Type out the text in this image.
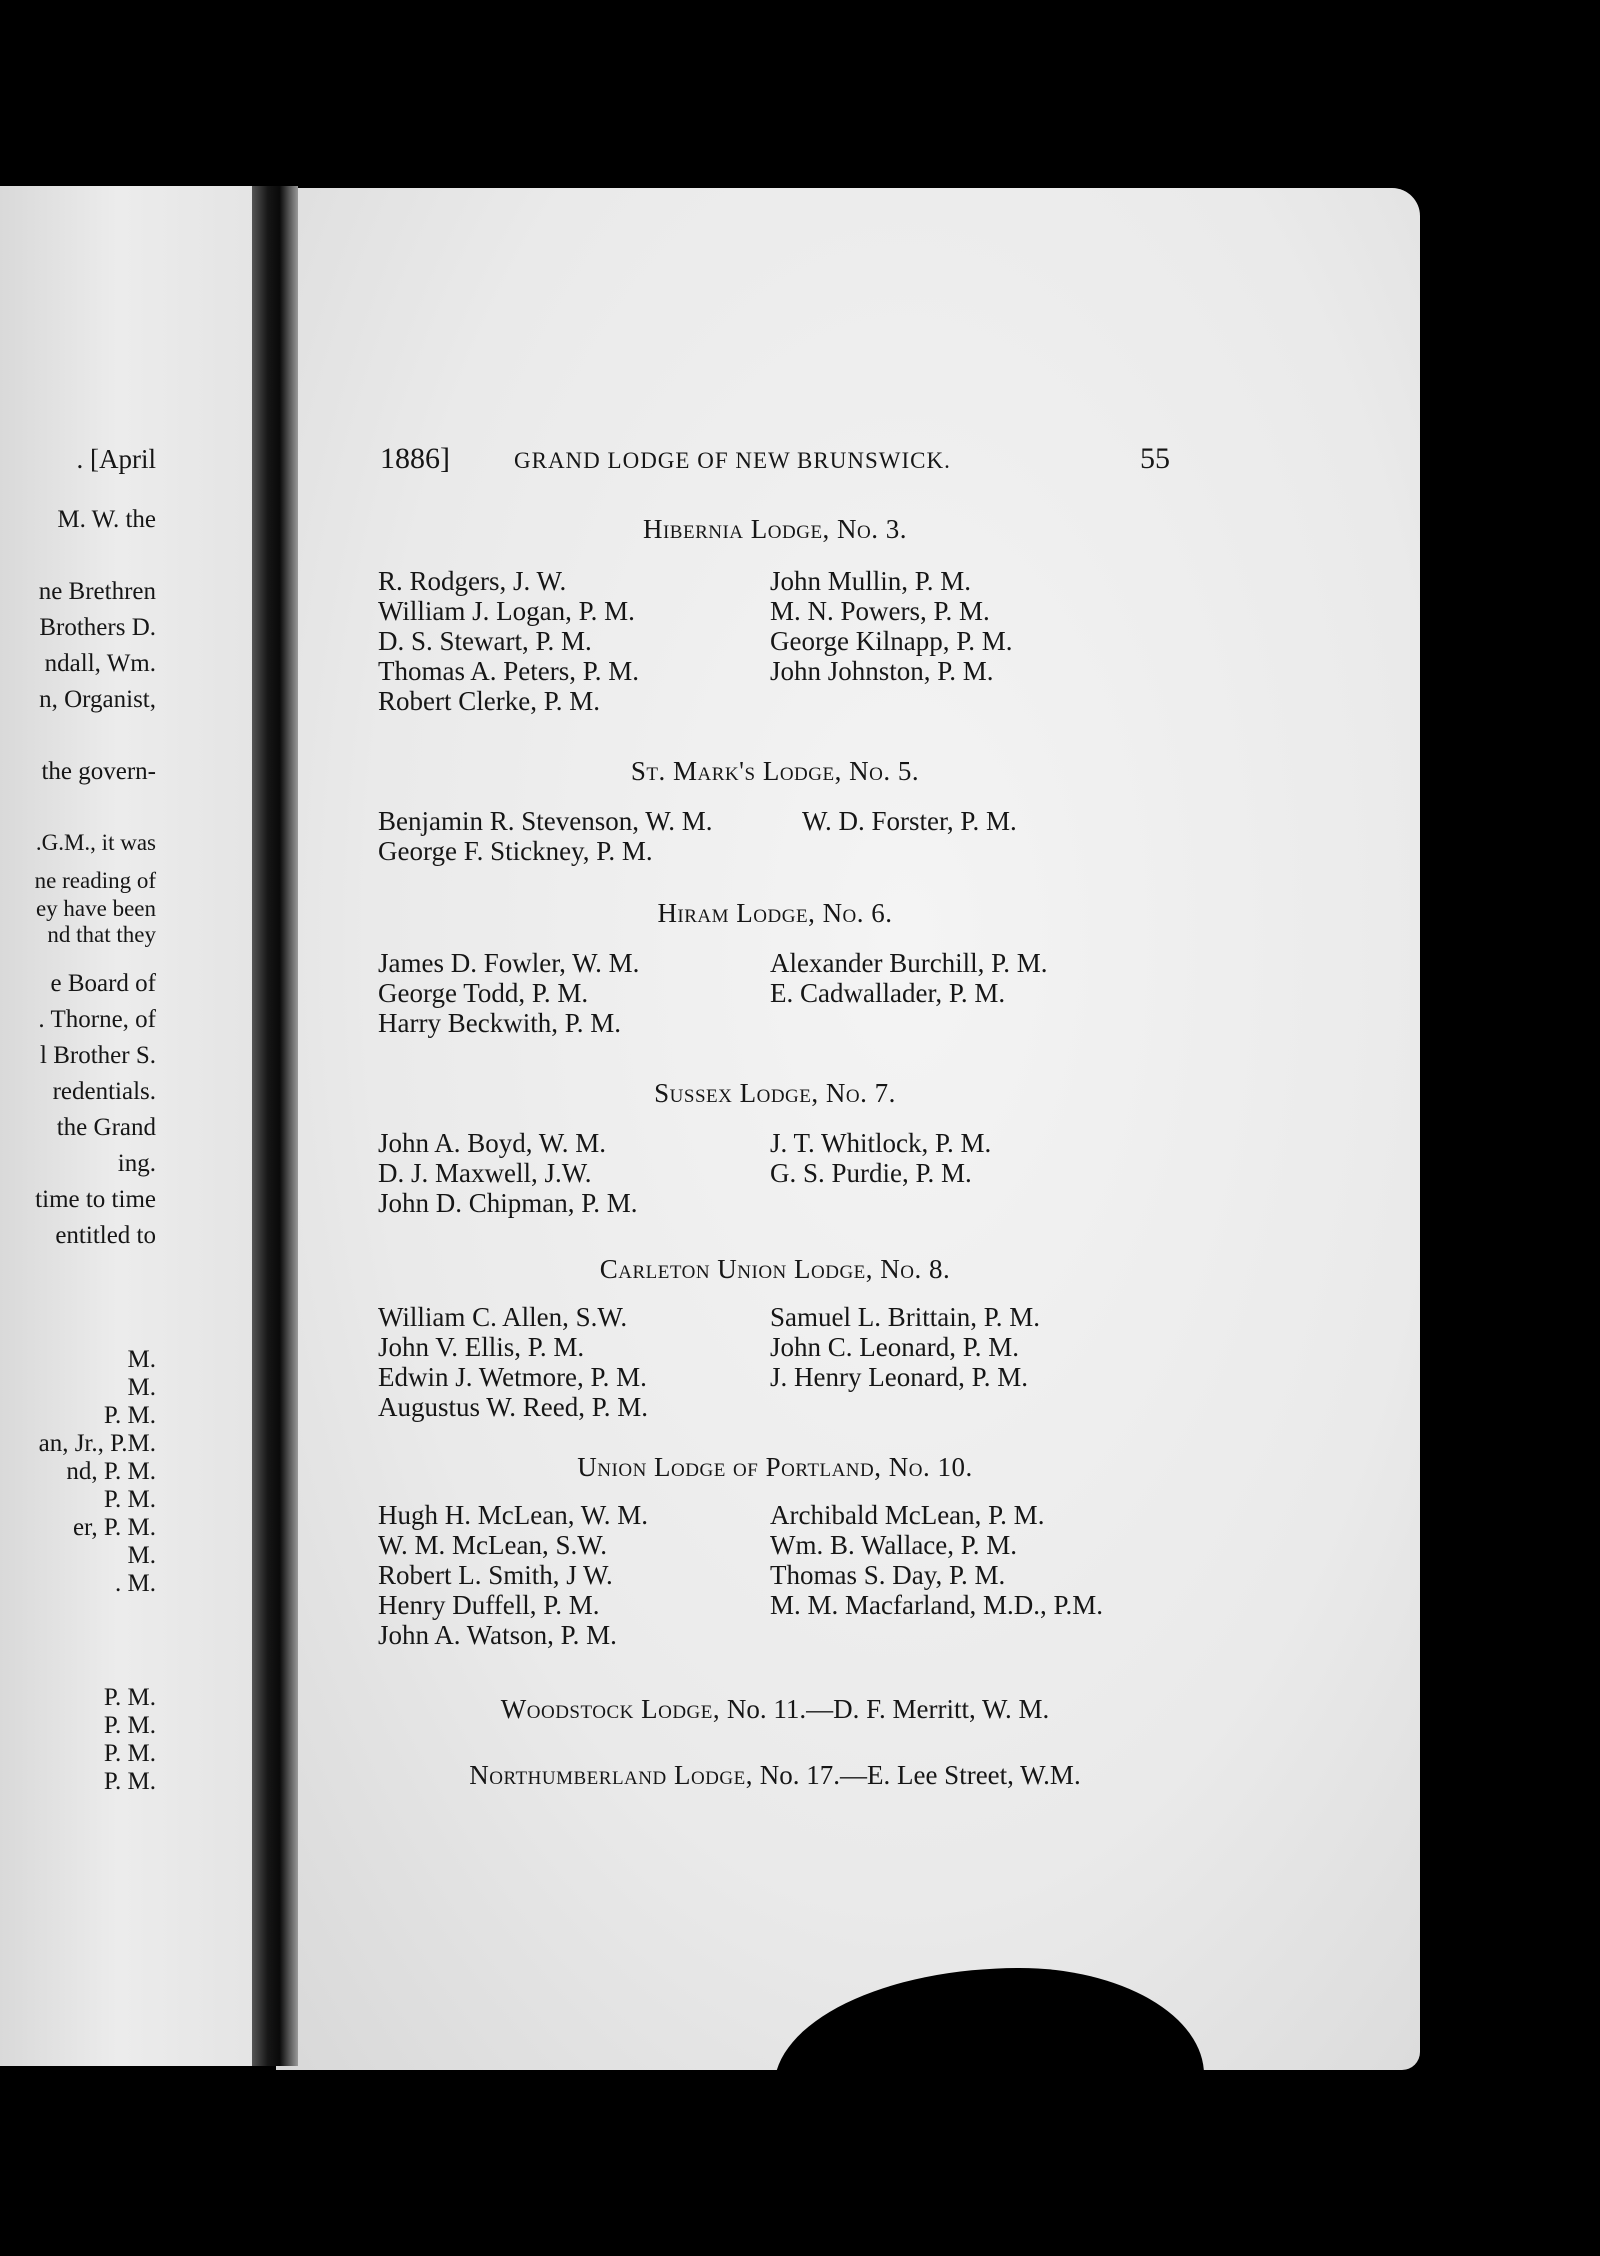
. [April
M. W. the
ne Brethren
Brothers D.
ndall, Wm.
n, Organist,
the govern-
.G.M., it was
ne reading of
ey have been
nd that they
e Board of
. Thorne, of
l Brother S.
redentials.
the Grand
ing.
time to time
entitled to
M.
M.
P. M.
an, Jr., P.M.
nd, P. M.
P. M.
er, P. M.
M.
. M.
P. M.
P. M.
P. M.
P. M.
1886]	GRAND LODGE OF NEW BRUNSWICK.	55
Hibernia Lodge, No. 3.
R. Rodgers, J. W.
William J. Logan, P. M.
D. S. Stewart, P. M.
Thomas A. Peters, P. M.
Robert Clerke, P. M.
John Mullin, P. M.
M. N. Powers, P. M.
George Kilnapp, P. M.
John Johnston, P. M.
St. Mark's Lodge, No. 5.
Benjamin R. Stevenson, W. M.
George F. Stickney, P. M.
W. D. Forster, P. M.
Hiram Lodge, No. 6.
James D. Fowler, W. M.
George Todd, P. M.
Harry Beckwith, P. M.
Alexander Burchill, P. M.
E. Cadwallader, P. M.
Sussex Lodge, No. 7.
John A. Boyd, W. M.
D. J. Maxwell, J.W.
John D. Chipman, P. M.
J. T. Whitlock, P. M.
G. S. Purdie, P. M.
Carleton Union Lodge, No. 8.
William C. Allen, S.W.
John V. Ellis, P. M.
Edwin J. Wetmore, P. M.
Augustus W. Reed, P. M.
Samuel L. Brittain, P. M.
John C. Leonard, P. M.
J. Henry Leonard, P. M.
Union Lodge of Portland, No. 10.
Hugh H. McLean, W. M.
W. M. McLean, S.W.
Robert L. Smith, J W.
Henry Duffell, P. M.
John A. Watson, P. M.
Archibald McLean, P. M.
Wm. B. Wallace, P. M.
Thomas S. Day, P. M.
M. M. Macfarland, M.D., P.M.
Woodstock Lodge, No. 11.—D. F. Merritt, W. M.
Northumberland Lodge, No. 17.—E. Lee Street, W.M.
